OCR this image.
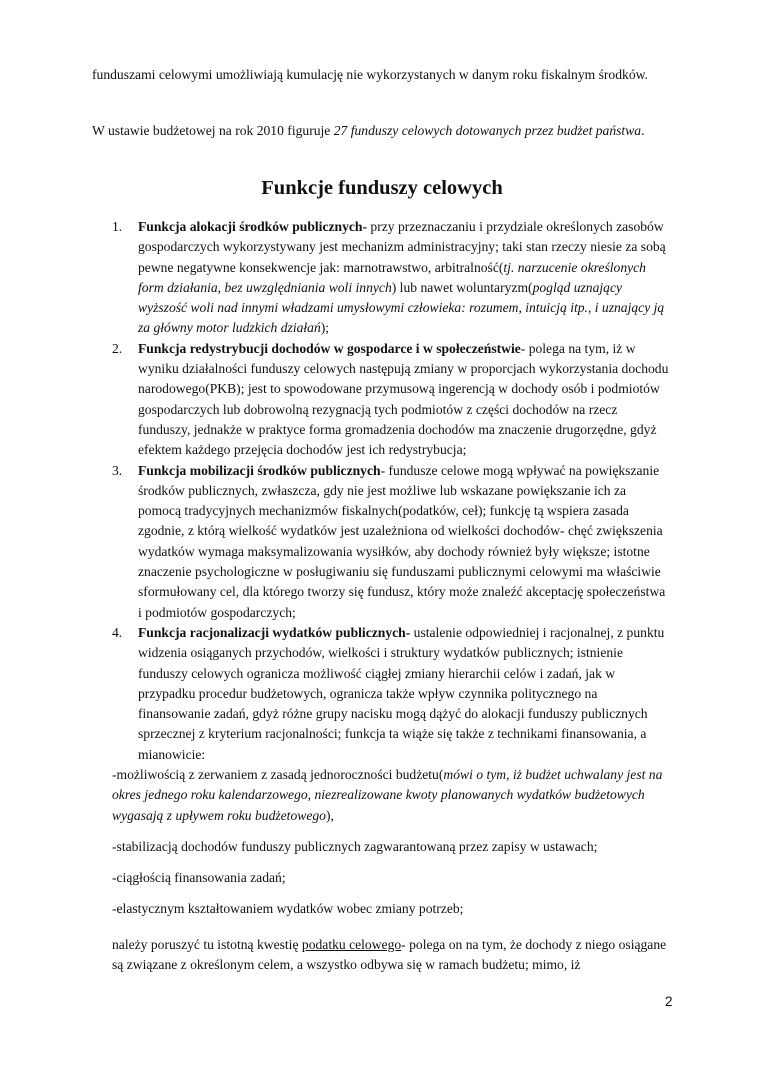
funduszami celowymi umożliwiają kumulację nie wykorzystanych w danym roku fiskalnym środków.

W ustawie budżetowej na rok 2010 figuruje 27 funduszy celowych dotowanych przez budżet państwa.

Funkcje funduszy celowych
1. Funkcja alokacji środków publicznych- przy przeznaczaniu i przydziale określonych zasobów gospodarczych wykorzystywany jest mechanizm administracyjny; taki stan rzeczy niesie za sobą pewne negatywne konsekwencje jak: marnotrawstwo, arbitralność(tj. narzucenie określonych form działania, bez uwzględniania woli innych) lub nawet woluntaryzm(pogląd uznający wyższość woli nad innymi władzami umysłowymi człowieka: rozumem, intuicją itp., i uznający ją za główny motor ludzkich działań);
2. Funkcja redystrybucji dochodów w gospodarce i w społeczeństwie- polega na tym, iż w wyniku działalności funduszy celowych następują zmiany w proporcjach wykorzystania dochodu narodowego(PKB); jest to spowodowane przymusową ingerencją w dochody osób i podmiotów gospodarczych lub dobrowolną rezygnacją tych podmiotów z części dochodów na rzecz funduszy, jednakże w praktyce forma gromadzenia dochodów ma znaczenie drugorzędne, gdyż efektem każdego przejęcia dochodów jest ich redystrybucja;
3. Funkcja mobilizacji środków publicznych- fundusze celowe mogą wpływać na powiększanie środków publicznych, zwłaszcza, gdy nie jest możliwe lub wskazane powiększanie ich za pomocą tradycyjnych mechanizmów fiskalnych(podatków, ceł); funkcję tą wspiera zasada zgodnie, z którą wielkość wydatków jest uzależniona od wielkości dochodów- chęć zwiększenia wydatków wymaga maksymalizowania wysiłków, aby dochody również były większe; istotne znaczenie psychologiczne w posługiwaniu się funduszami publicznymi celowymi ma właściwie sformułowany cel, dla którego tworzy się fundusz, który może znaleźć akceptację społeczeństwa i podmiotów gospodarczych;
4. Funkcja racjonalizacji wydatków publicznych- ustalenie odpowiedniej i racjonalnej, z punktu widzenia osiąganych przychodów, wielkości i struktury wydatków publicznych; istnienie funduszy celowych ogranicza możliwość ciągłej zmiany hierarchii celów i zadań, jak w przypadku procedur budżetowych, ogranicza także wpływ czynnika politycznego na finansowanie zadań, gdyż różne grupy nacisku mogą dążyć do alokacji funduszy publicznych sprzecznej z kryterium racjonalności; funkcja ta wiąże się także z technikami finansowania, a mianowicie:

-możliwością z zerwaniem z zasadą jednoroczności budżetu(mówi o tym, iż budżet uchwalany jest na okres jednego roku kalendarzowego, niezrealizowane kwoty planowanych wydatków budżetowych wygasają z upływem roku budżetowego),

-stabilizacją dochodów funduszy publicznych zagwarantowaną przez zapisy w ustawach;

-ciągłością finansowania zadań;

-elastycznym kształtowaniem wydatków wobec zmiany potrzeb;

należy poruszyć tu istotną kwestię podatku celowego- polega on na tym, że dochody z niego osiągane są związane z określonym celem, a wszystko odbywa się w ramach budżetu; mimo, iż

2
